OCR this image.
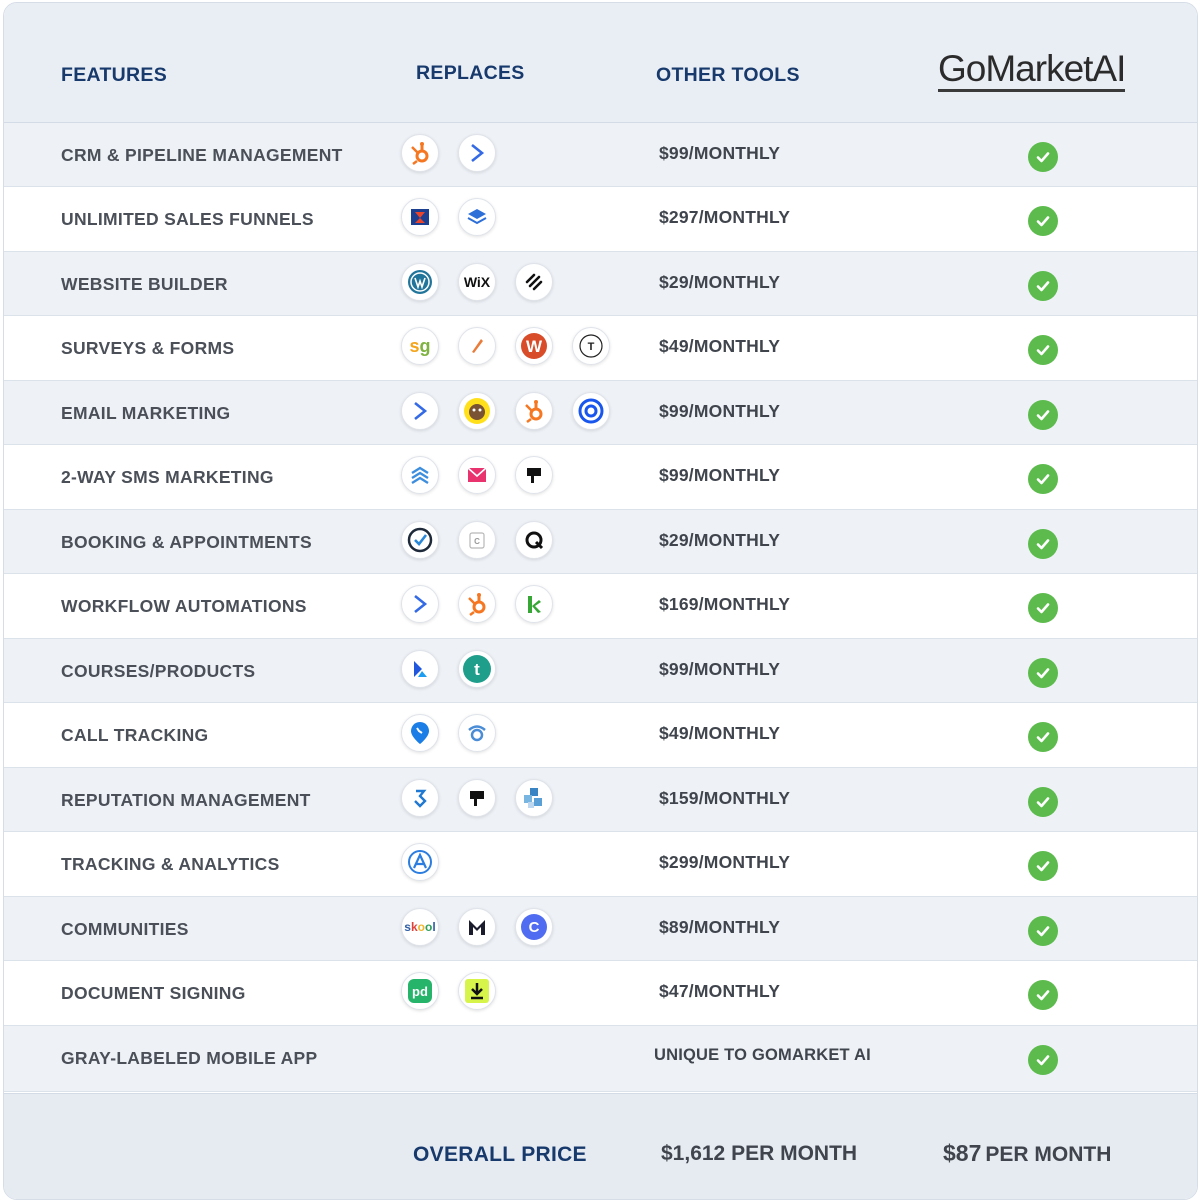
FEATURES	REPLACES	OTHER TOOLS	GoMarketAI
CRM & PIPELINE MANAGEMENT	$99/MONTHLY
UNLIMITED SALES FUNNELS	$297/MONTHLY
WEBSITE BUILDER	WiX	$29/MONTHLY
SURVEYS & FORMS	sg	W	T	$49/MONTHLY
EMAIL MARKETING	$99/MONTHLY
2-WAY SMS MARKETING	$99/MONTHLY
BOOKING & APPOINTMENTS	C	$29/MONTHLY
WORKFLOW AUTOMATIONS	$169/MONTHLY
COURSES/PRODUCTS	t	$99/MONTHLY
CALL TRACKING	$49/MONTHLY
REPUTATION MANAGEMENT	$159/MONTHLY
TRACKING & ANALYTICS	$299/MONTHLY
COMMUNITIES	skool	C	$89/MONTHLY
DOCUMENT SIGNING	pd	$47/MONTHLY
GRAY-LABELED MOBILE APP	UNIQUE TO GOMARKET AI
OVERALL PRICE	$1,612 PER MONTH	$87 PER MONTH
